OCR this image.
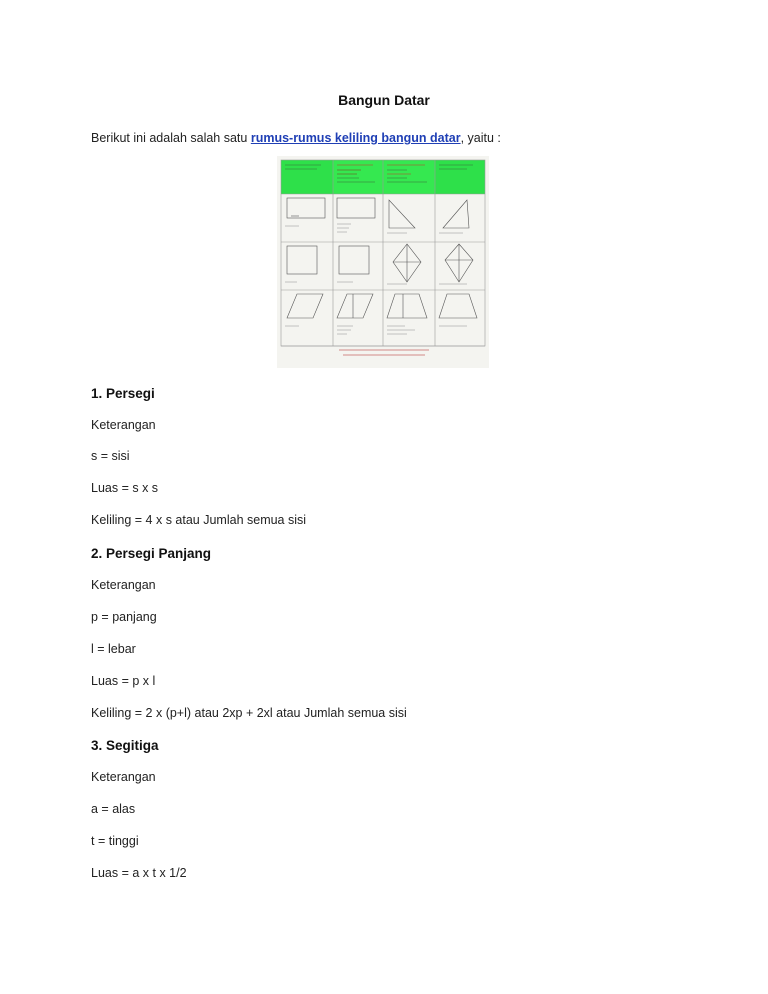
Bangun Datar
Berikut ini adalah salah satu rumus-rumus keliling bangun datar, yaitu :
1. Persegi
Keterangan
s = sisi
Luas = s x s
Keliling = 4 x s atau Jumlah semua sisi
2. Persegi Panjang
Keterangan
p = panjang
l = lebar
Luas = p x l
Keliling = 2 x (p+l) atau 2xp + 2xl atau Jumlah semua sisi
3. Segitiga
Keterangan
a = alas
t = tinggi
Luas = a x t x 1/2
